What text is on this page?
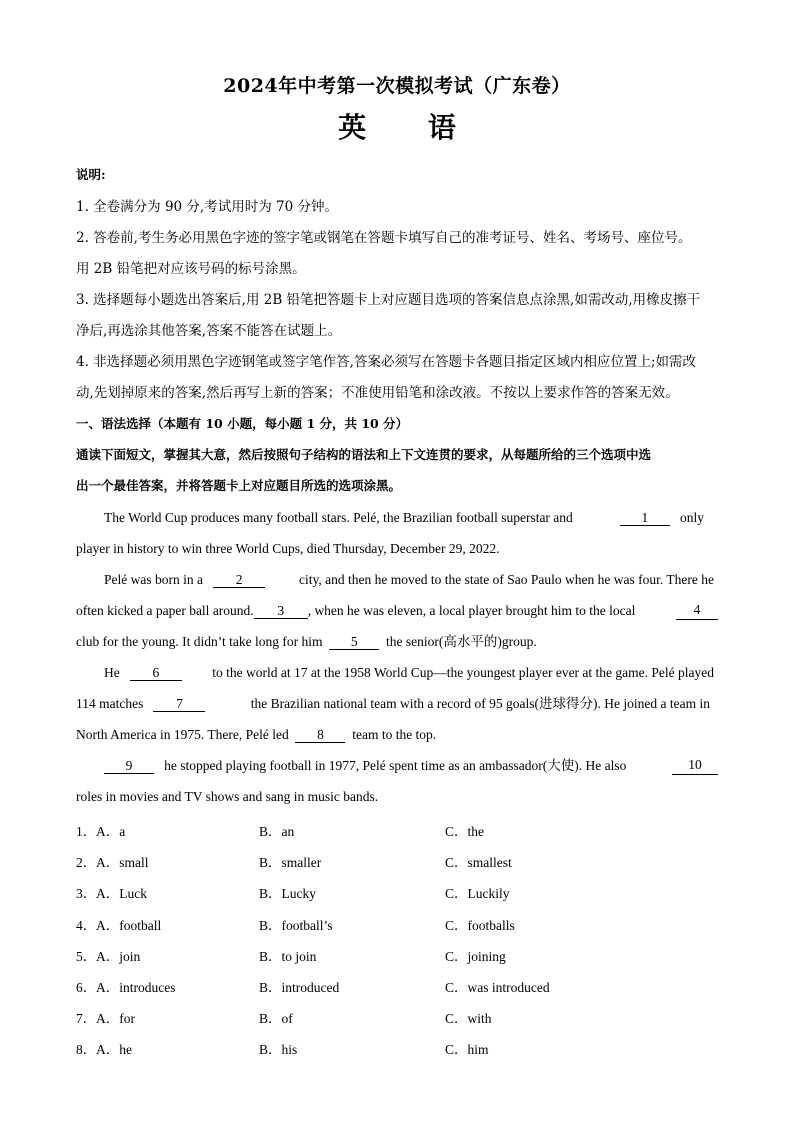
2024年中考第一次模拟考试（广东卷）
英 语
说明:
1. 全卷满分为 90 分,考试用时为 70 分钟。
2. 答卷前,考生务必用黑色字迹的签字笔或钢笔在答题卡填写自己的准考证号、姓名、考场号、座位号。
用 2B 铅笔把对应该号码的标号涂黑。
3. 选择题每小题选出答案后,用 2B 铅笔把答题卡上对应题目选项的答案信息点涂黑,如需改动,用橡皮擦干
净后,再选涂其他答案,答案不能答在试题上。
4. 非选择题必须用黑色字迹钢笔或签字笔作答,答案必须写在答题卡各题目指定区域内相应位置上;如需改
动,先划掉原来的答案,然后再写上新的答案；不准使用铅笔和涂改液。不按以上要求作答的答案无效。
一、语法选择（本题有 10 小题，每小题 1 分，共 10 分）
通读下面短文，掌握其大意，然后按照句子结构的语法和上下文连贯的要求，从每题所给的三个选项中选
出一个最佳答案，并将答题卡上对应题目所选的选项涂黑。
The World Cup produces many football stars. Pelé, the Brazilian football superstar and	1 only
player in history to win three World Cups, died Thursday, December 29, 2022.
Pelé was born in a 2	city, and then he moved to the state of Sao Paulo when he was four. There he
often kicked a paper ball around. 3 , when he was eleven, a local player brought him to the local	4
club for the young. It didn’t take long for him 5 the senior(高水平的)group.
He 6	to the world at 17 at the 1958 World Cup—the youngest player ever at the game. Pelé played
114 matches 7	the Brazilian national team with a record of 95 goals(进球得分). He joined a team in
North America in 1975. There, Pelé led 8 team to the top.
9 he stopped playing football in 1977, Pelé spent time as an ambassador(大使). He also	10
roles in movies and TV shows and sang in music bands.
1． A．a	B．an	C．the
2． A．small	B．smaller	C．smallest
3． A．Luck	B．Lucky	C．Luckily
4． A．football	B．football’s	C．footballs
5． A．join	B．to join	C．joining
6． A．introduces	B．introduced	C．was introduced
7． A．for	B．of	C．with
8． A．he	B．his	C．him
